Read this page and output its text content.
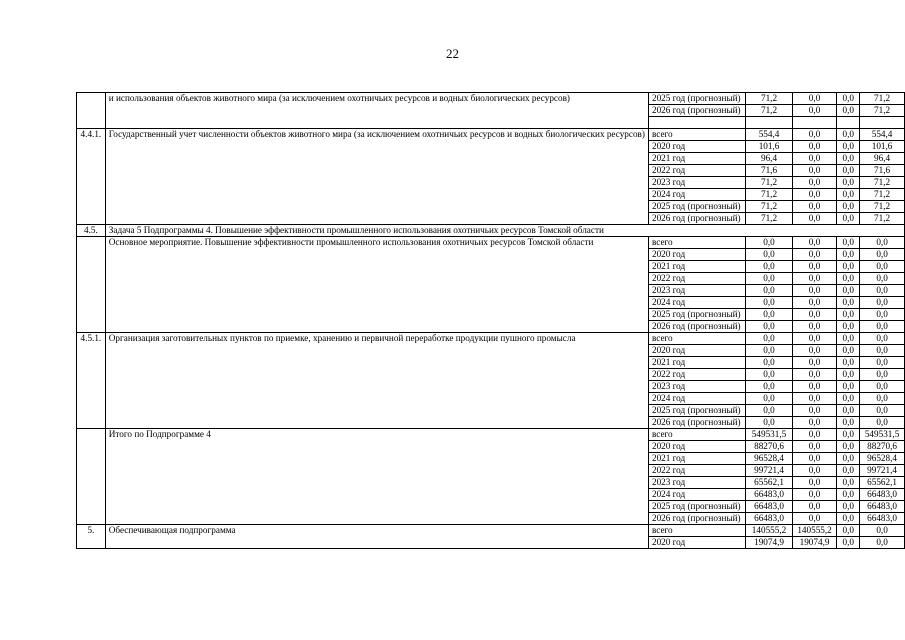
22
	и использования объектов животного мира (за исключением охотничьих ресурсов и водных биологических ресурсов)	2025 год (прогнозный)	71,2	0,0	0,0	71,2
		2026 год (прогнозный)	71,2	0,0	0,0	71,2

4.4.1.	Государственный учет численности объектов животного мира (за исключением охотничьих ресурсов и водных биологических ресурсов)	всего	554,4	0,0	0,0	554,4
		2020 год	101,6	0,0	0,0	101,6
		2021 год	96,4	0,0	0,0	96,4
		2022 год	71,6	0,0	0,0	71,6
		2023 год	71,2	0,0	0,0	71,2
		2024 год	71,2	0,0	0,0	71,2
		2025 год (прогнозный)	71,2	0,0	0,0	71,2
		2026 год (прогнозный)	71,2	0,0	0,0	71,2
4.5.	Задача 5 Подпрограммы 4. Повышение эффективности промышленного использования охотничьих ресурсов Томской области					
	Основное мероприятие. Повышение эффективности промышленного использования охотничьих ресурсов Томской области	всего	0,0	0,0	0,0	0,0
		2020 год	0,0	0,0	0,0	0,0
		2021 год	0,0	0,0	0,0	0,0
		2022 год	0,0	0,0	0,0	0,0
		2023 год	0,0	0,0	0,0	0,0
		2024 год	0,0	0,0	0,0	0,0
		2025 год (прогнозный)	0,0	0,0	0,0	0,0
		2026 год (прогнозный)	0,0	0,0	0,0	0,0
4.5.1.	Организация заготовительных пунктов по приемке, хранению и первичной переработке продукции пушного промысла	всего	0,0	0,0	0,0	0,0
		2020 год	0,0	0,0	0,0	0,0
		2021 год	0,0	0,0	0,0	0,0
		2022 год	0,0	0,0	0,0	0,0
		2023 год	0,0	0,0	0,0	0,0
		2024 год	0,0	0,0	0,0	0,0
		2025 год (прогнозный)	0,0	0,0	0,0	0,0
		2026 год (прогнозный)	0,0	0,0	0,0	0,0
	Итого по Подпрограмме 4	всего	549531,5	0,0	0,0	549531,5
		2020 год	88270,6	0,0	0,0	88270,6
		2021 год	96528,4	0,0	0,0	96528,4
		2022 год	99721,4	0,0	0,0	99721,4
		2023 год	65562,1	0,0	0,0	65562,1
		2024 год	66483,0	0,0	0,0	66483,0
		2025 год (прогнозный)	66483,0	0,0	0,0	66483,0
		2026 год (прогнозный)	66483,0	0,0	0,0	66483,0
5.	Обеспечивающая подпрограмма	всего	140555,2	140555,2	0,0	0,0
		2020 год	19074,9	19074,9	0,0	0,0
